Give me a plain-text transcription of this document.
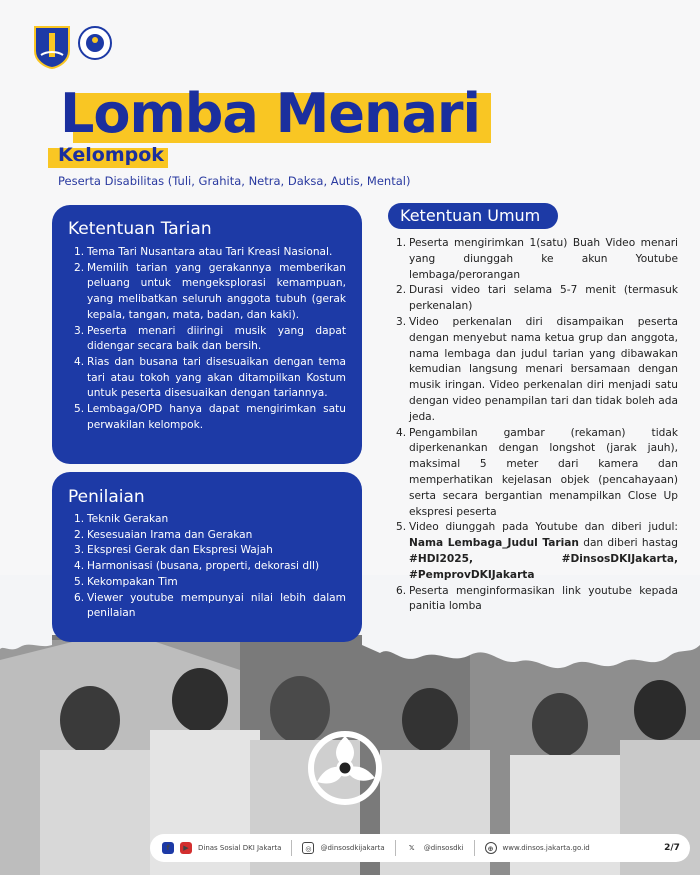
Lomba Menari
Kelompok
Peserta Disabilitas (Tuli, Grahita, Netra, Daksa, Autis, Mental)
Ketentuan Tarian
1. Tema Tari Nusantara atau Tari Kreasi Nasional.
2. Memilih tarian yang gerakannya memberikan peluang untuk mengeksplorasi kemampuan, yang melibatkan seluruh anggota tubuh (gerak kepala, tangan, mata, badan, dan kaki).
3. Peserta menari diiringi musik yang dapat didengar secara baik dan bersih.
4. Rias dan busana tari disesuaikan dengan tema tari atau tokoh yang akan ditampilkan Kostum untuk peserta disesuaikan dengan tariannya.
5. Lembaga/OPD hanya dapat mengirimkan satu perwakilan kelompok.
Penilaian
1. Teknik Gerakan
2. Kesesuaian Irama dan Gerakan
3. Ekspresi Gerak dan Ekspresi Wajah
4. Harmonisasi (busana, properti, dekorasi dll)
5. Kekompakan Tim
6. Viewer youtube mempunyai nilai lebih dalam penilaian
Ketentuan Umum
1. Peserta mengirimkan 1(satu) Buah Video menari yang diunggah ke akun Youtube lembaga/perorangan
2. Durasi video tari selama 5-7 menit (termasuk perkenalan)
3. Video perkenalan diri disampaikan peserta dengan menyebut nama ketua grup dan anggota, nama lembaga dan judul tarian yang dibawakan kemudian langsung menari bersamaan dengan musik iringan. Video perkenalan diri menjadi satu dengan video penampilan tari dan tidak boleh ada jeda.
4. Pengambilan gambar (rekaman) tidak diperkenankan dengan longshot (jarak jauh), maksimal 5 meter dari kamera dan memperhatikan kejelasan objek (pencahayaan) serta secara bergantian menampilkan Close Up ekspresi peserta
5. Video diunggah pada Youtube dan diberi judul: Nama Lembaga_Judul Tarian dan diberi hastag #HDI2025, #DinsosDKIJakarta, #PemprovDKIJakarta
6. Peserta menginformasikan link youtube kepada panitia lomba
f	▶	Dinas Sosial DKI Jakarta	◎	@dinsosdkijakarta	𝕏	@dinsosdki	⊕	www.dinsos.jakarta.go.id	2/7
